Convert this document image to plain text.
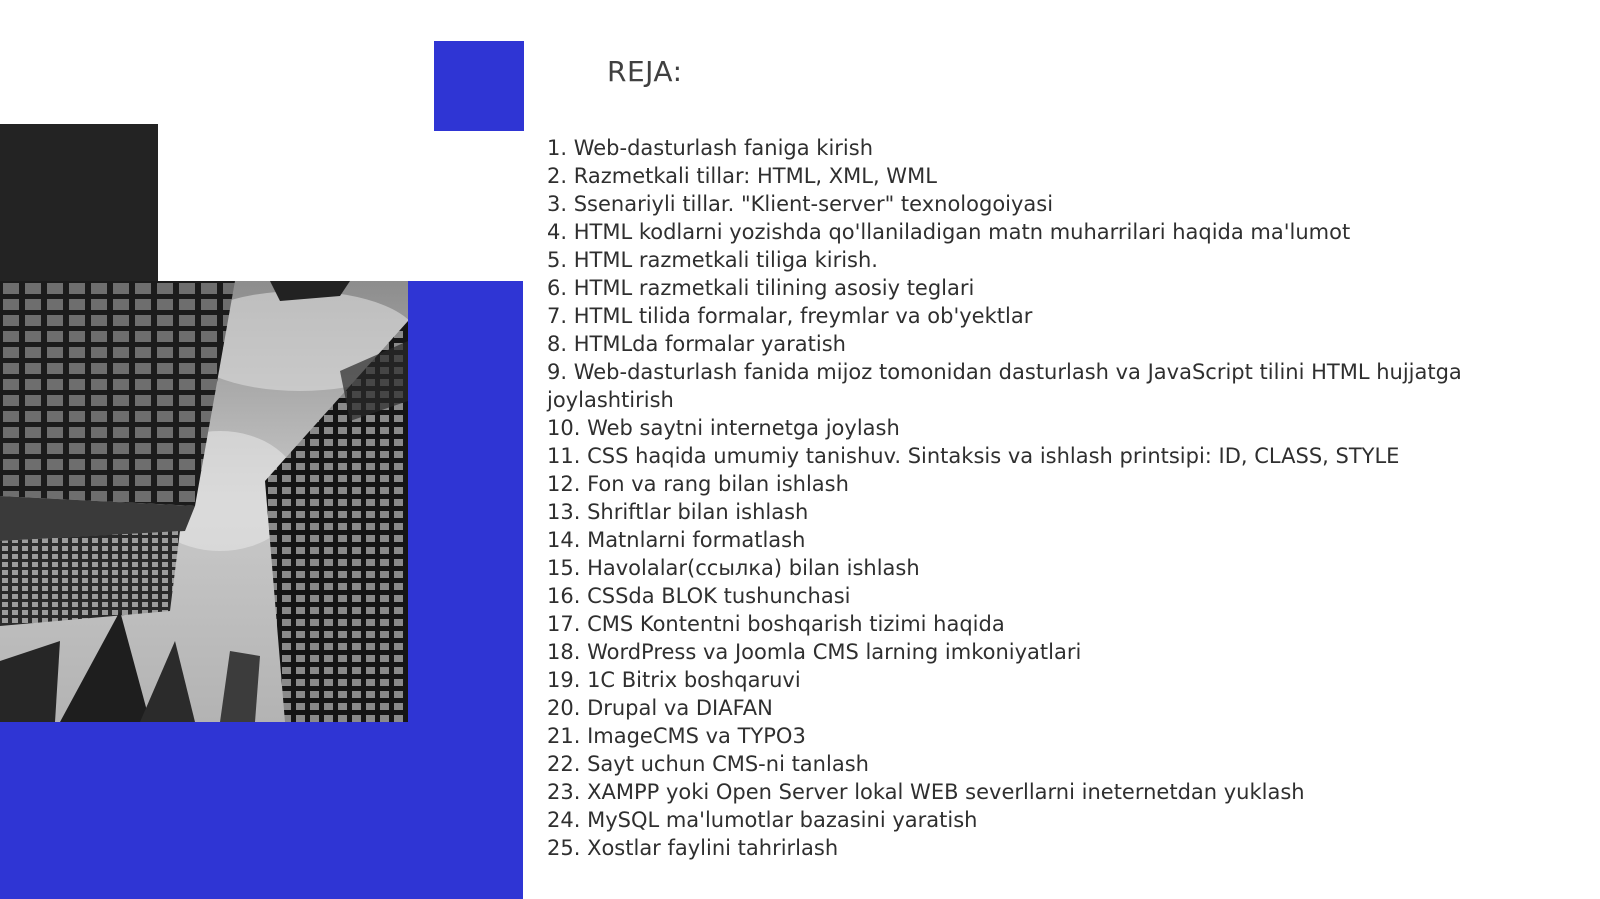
REJA:
1. Web-dasturlash faniga kirish
2. Razmetkali tillar: HTML, XML, WML
3. Ssenariyli tillar. "Klient-server" texnologoiyasi
4. HTML kodlarni yozishda qo'llaniladigan matn muharrilari haqida ma'lumot
5. HTML razmetkali tiliga kirish.
6. HTML razmetkali tilining asosiy teglari
7. HTML tilida formalar, freymlar va ob'yektlar
8. HTMLda formalar yaratish
9. Web-dasturlash fanida mijoz tomonidan dasturlash va JavaScript tilini HTML hujjatga joylashtirish
10. Web saytni internetga joylash
11. CSS haqida umumiy tanishuv. Sintaksis va ishlash printsipi: ID, CLASS, STYLE
12. Fon va rang bilan ishlash
13. Shriftlar bilan ishlash
14. Matnlarni formatlash
15. Havolalar(ссылка) bilan ishlash
16. CSSda BLOK tushunchasi
17. CMS Kontentni boshqarish tizimi haqida
18. WordPress va Joomla CMS larning imkoniyatlari
19. 1C Bitrix boshqaruvi
20. Drupal va DIAFAN
21. ImageCMS va TYPO3
22. Sayt uchun CMS-ni tanlash
23. XAMPP yoki Open Server lokal WEB severllarni ineternetdan yuklash
24. MySQL ma'lumotlar bazasini yaratish
25. Xostlar faylini tahrirlash
